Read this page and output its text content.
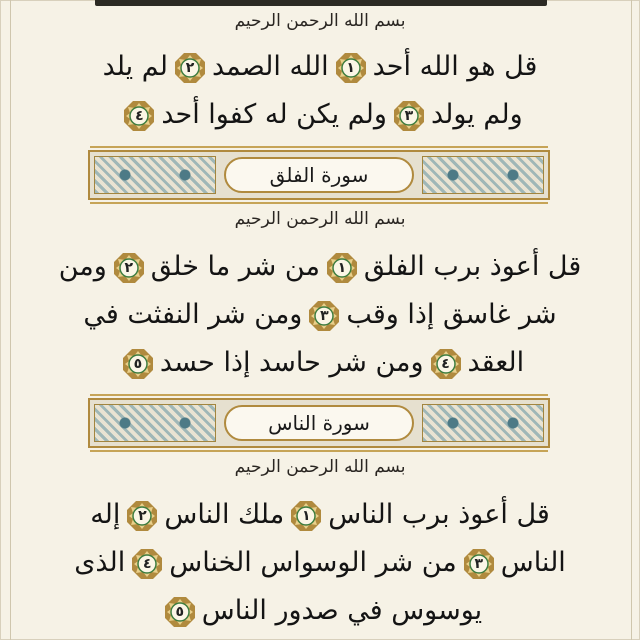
بسم الله الرحمن الرحيم
قل هو الله أحد
١
الله الصمد
٢
لم يلد
ولم يولد
٣
ولم يكن له كفوا أحد
٤
سورة الفلق
بسم الله الرحمن الرحيم
قل أعوذ برب الفلق
١
من شر ما خلق
٢
ومن
شر غاسق إذا وقب
٣
ومن شر النفثت في
العقد
٤
ومن شر حاسد إذا حسد
٥
سورة الناس
بسم الله الرحمن الرحيم
قل أعوذ برب الناس
١
ملك الناس
٢
إله
الناس
٣
من شر الوسواس الخناس
٤
الذى
يوسوس في صدور الناس
٥
